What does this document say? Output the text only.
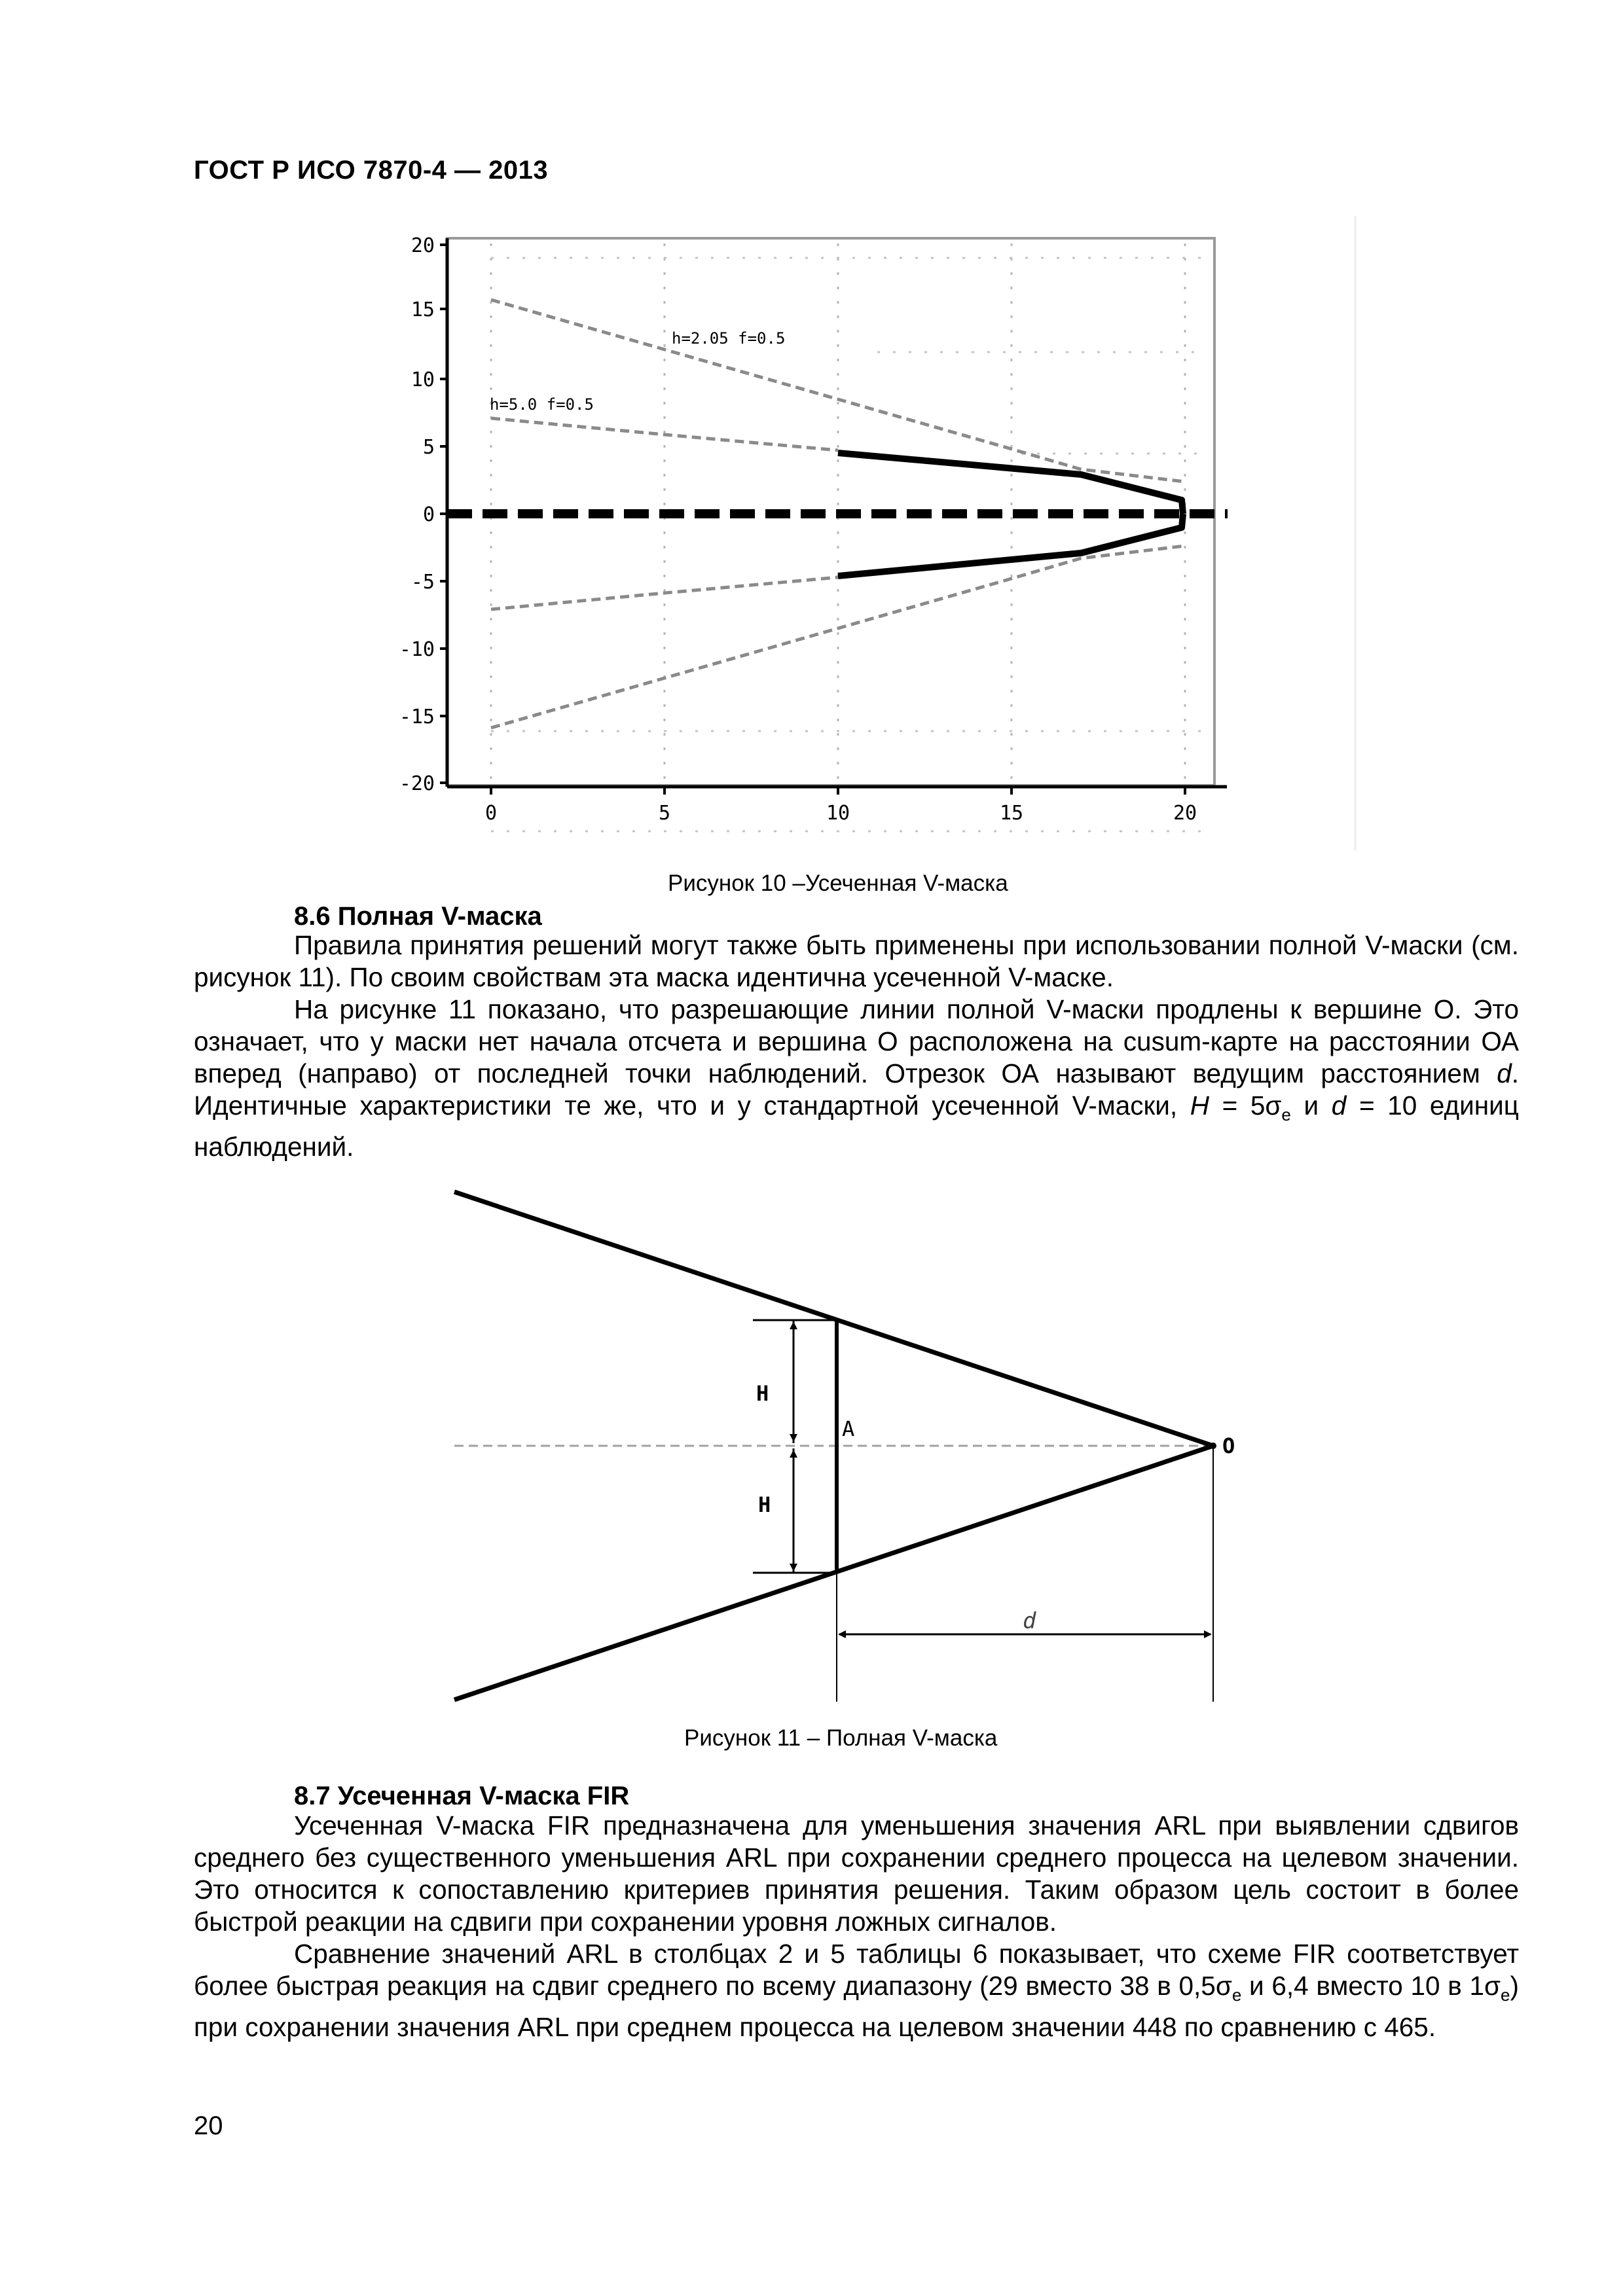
ГОСТ Р ИСО 7870-4 — 2013
20
15
10
5
0
-5
-10
-15
-20
0	5	10	15	20
h=2.05 f=0.5
h=5.0 f=0.5
Рисунок 10 –Усеченная V-маска
8.6 Полная V-маска
Правила принятия решений могут также быть применены при использовании полной V-маски (см. рисунок 11). По своим свойствам эта маска идентична усеченной V-маске.
На рисунке 11 показано, что разрешающие линии полной V-маски продлены к вершине O. Это означает, что у маски нет начала отсчета и вершина O расположена на cusum-карте на расстоянии ОА вперед (направо) от последней точки наблюдений. Отрезок ОА называют ведущим расстоянием d. Идентичные характеристики те же, что и у стандартной усеченной V-маски, $H = 5\sigma_e$ и d = 10 единиц наблюдений.
H
H
A
O
d
Рисунок 11 – Полная V-маска
8.7 Усеченная V-маска FIR
Усеченная V-маска FIR предназначена для уменьшения значения ARL при выявлении сдвигов среднего без существенного уменьшения ARL при сохранении среднего процесса на целевом значении. Это относится к сопоставлению критериев принятия решения. Таким образом цель состоит в более быстрой реакции на сдвиги при сохранении уровня ложных сигналов.
Сравнение значений ARL в столбцах 2 и 5 таблицы 6 показывает, что схеме FIR соответствует более быстрая реакция на сдвиг среднего по всему диапазону (29 вместо 38 в $0,5\sigma_e$ и 6,4 вместо 10 в $1\sigma_e$) при сохранении значения ARL при среднем процесса на целевом значении 448 по сравнению с 465.
20
